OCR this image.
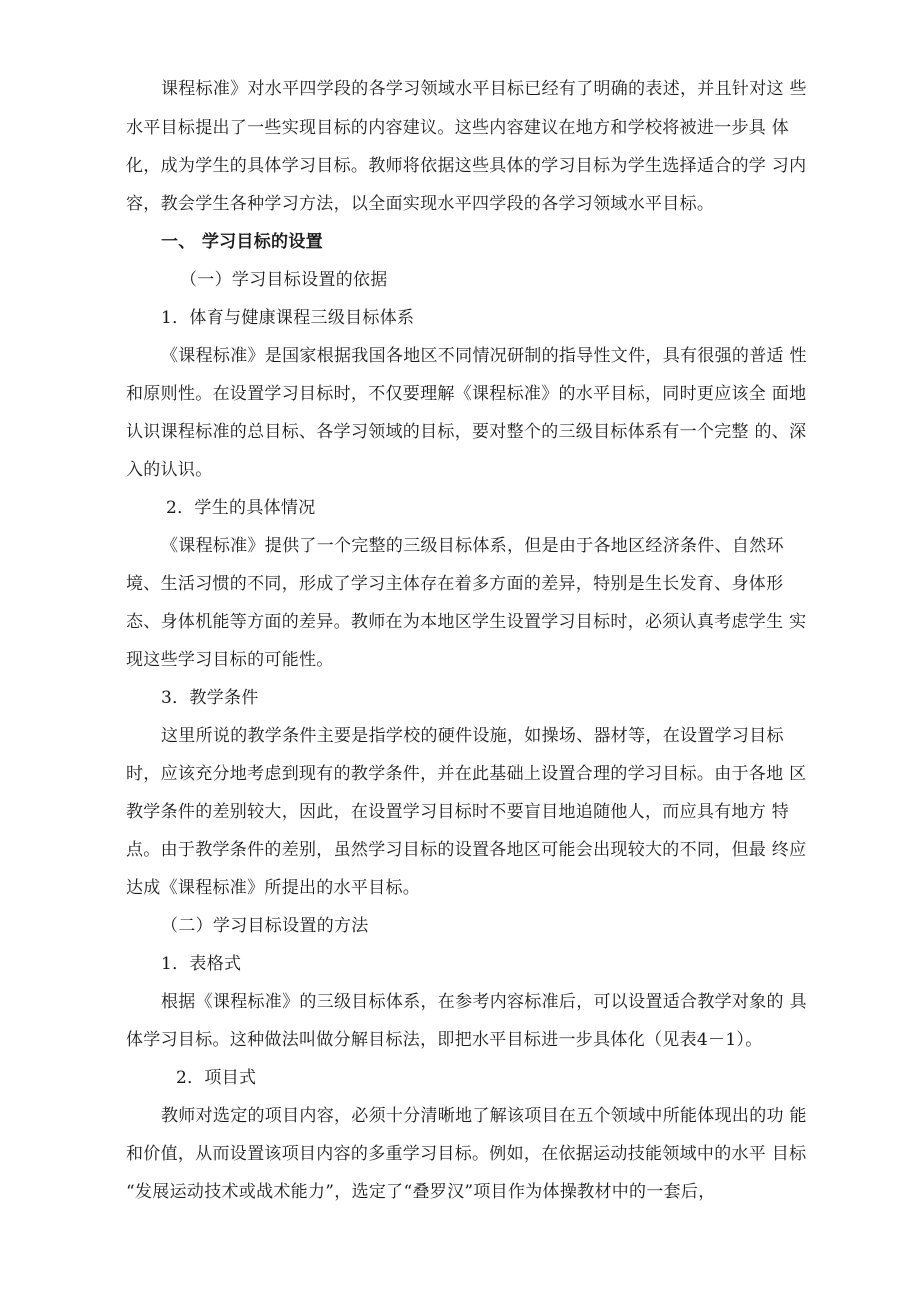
课程标准》对水平四学段的各学习领域水平目标已经有了明确的表述，并且针对这 些
水平目标提出了一些实现目标的内容建议。这些内容建议在地方和学校将被进一步具 体
化，成为学生的具体学习目标。教师将依据这些具体的学习目标为学生选择适合的学 习内
容，教会学生各种学习方法，以全面实现水平四学段的各学习领域水平目标。
一、 学习目标的设置
（一）学习目标设置的依据
1．体育与健康课程三级目标体系
《课程标准》是国家根据我国各地区不同情况研制的指导性文件，具有很强的普适 性
和原则性。在设置学习目标时，不仅要理解《课程标准》的水平目标，同时更应该全 面地
认识课程标准的总目标、各学习领域的目标，要对整个的三级目标体系有一个完整 的、深
入的认识。
2．学生的具体情况
《课程标准》提供了一个完整的三级目标体系，但是由于各地区经济条件、自然环
境、生活习惯的不同，形成了学习主体存在着多方面的差异，特别是生长发育、身体形
态、身体机能等方面的差异。教师在为本地区学生设置学习目标时，必须认真考虑学生 实
现这些学习目标的可能性。
3．教学条件
这里所说的教学条件主要是指学校的硬件设施，如操场、器材等，在设置学习目标
时，应该充分地考虑到现有的教学条件，并在此基础上设置合理的学习目标。由于各地 区
教学条件的差别较大，因此，在设置学习目标时不要盲目地追随他人，而应具有地方 特
点。由于教学条件的差别，虽然学习目标的设置各地区可能会出现较大的不同，但最 终应
达成《课程标准》所提出的水平目标。
（二）学习目标设置的方法
1．表格式
根据《课程标准》的三级目标体系，在参考内容标准后，可以设置适合教学对象的 具
体学习目标。这种做法叫做分解目标法，即把水平目标进一步具体化（见表4－1）。
2．项目式
教师对选定的项目内容，必须十分清晰地了解该项目在五个领域中所能体现出的功 能
和价值，从而设置该项目内容的多重学习目标。例如，在依据运动技能领域中的水平 目标
“发展运动技术或战术能力”，选定了“叠罗汉”项目作为体操教材中的一套后，
